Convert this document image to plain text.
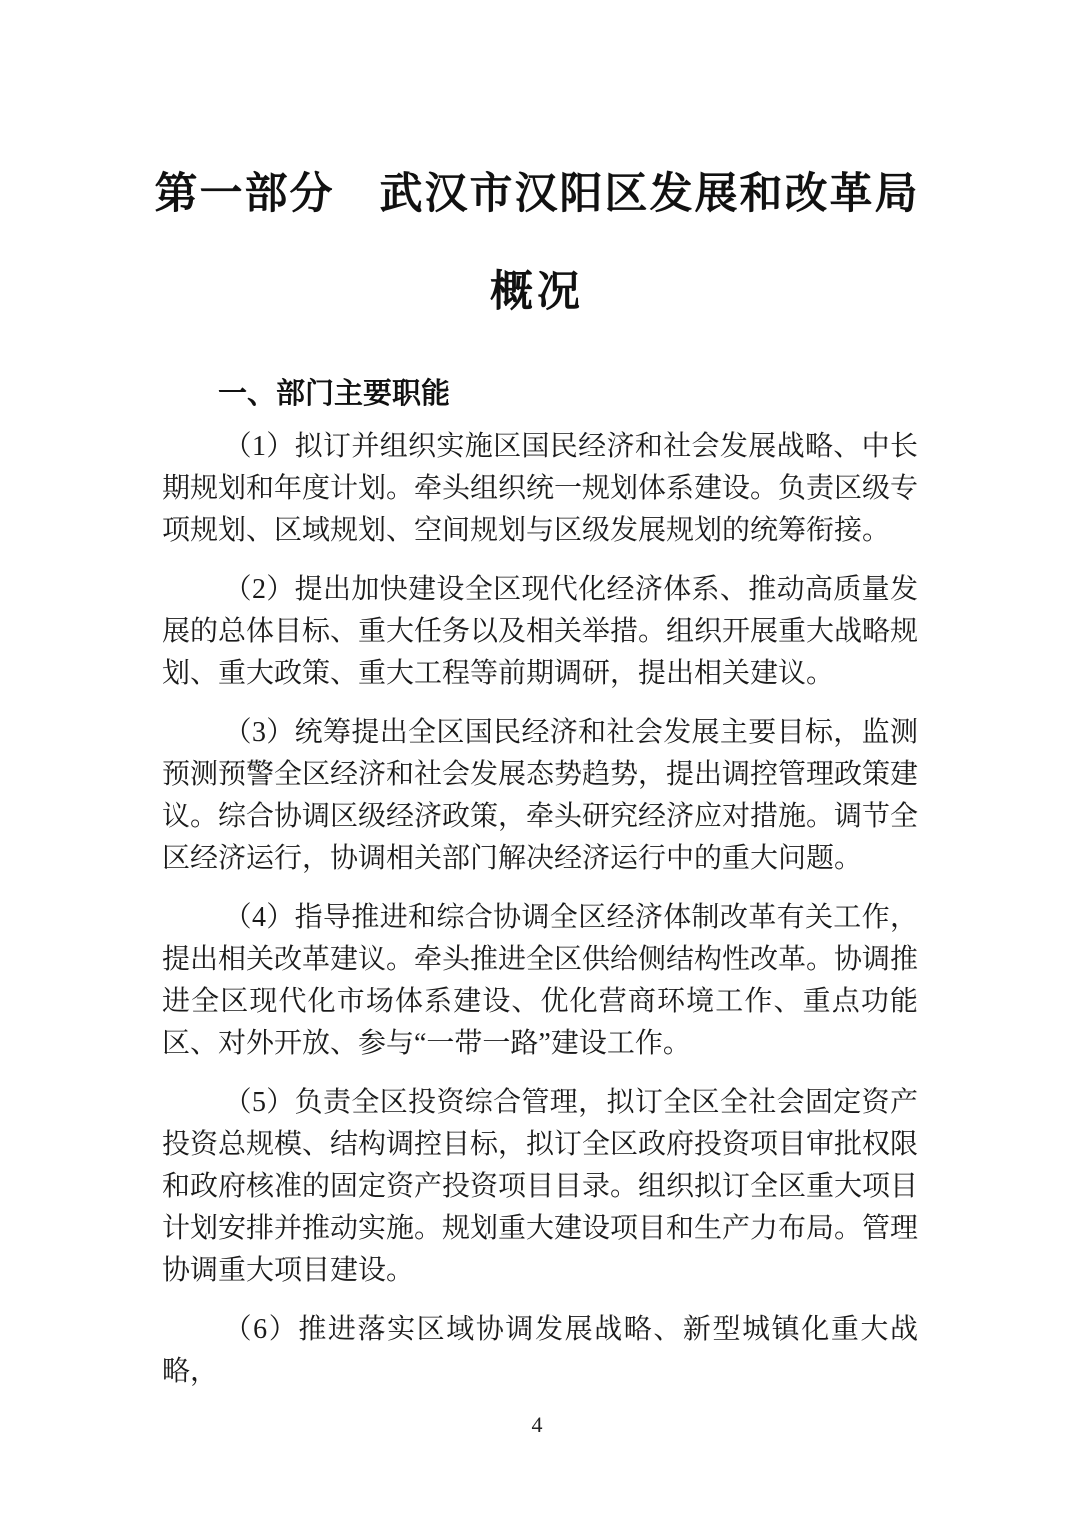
第一部分　武汉市汉阳区发展和改革局
概况
一、部门主要职能

（1）拟订并组织实施区国民经济和社会发展战略、中长期规划和年度计划。牵头组织统一规划体系建设。负责区级专项规划、区域规划、空间规划与区级发展规划的统筹衔接。

（2）提出加快建设全区现代化经济体系、推动高质量发展的总体目标、重大任务以及相关举措。组织开展重大战略规划、重大政策、重大工程等前期调研，提出相关建议。

（3）统筹提出全区国民经济和社会发展主要目标，监测预测预警全区经济和社会发展态势趋势，提出调控管理政策建议。综合协调区级经济政策，牵头研究经济应对措施。调节全区经济运行，协调相关部门解决经济运行中的重大问题。

（4）指导推进和综合协调全区经济体制改革有关工作，提出相关改革建议。牵头推进全区供给侧结构性改革。协调推进全区现代化市场体系建设、优化营商环境工作、重点功能区、对外开放、参与“一带一路”建设工作。

（5）负责全区投资综合管理，拟订全区全社会固定资产投资总规模、结构调控目标，拟订全区政府投资项目审批权限和政府核准的固定资产投资项目目录。组织拟订全区重大项目计划安排并推动实施。规划重大建设项目和生产力布局。管理协调重大项目建设。

（6）推进落实区域协调发展战略、新型城镇化重大战略，

4
